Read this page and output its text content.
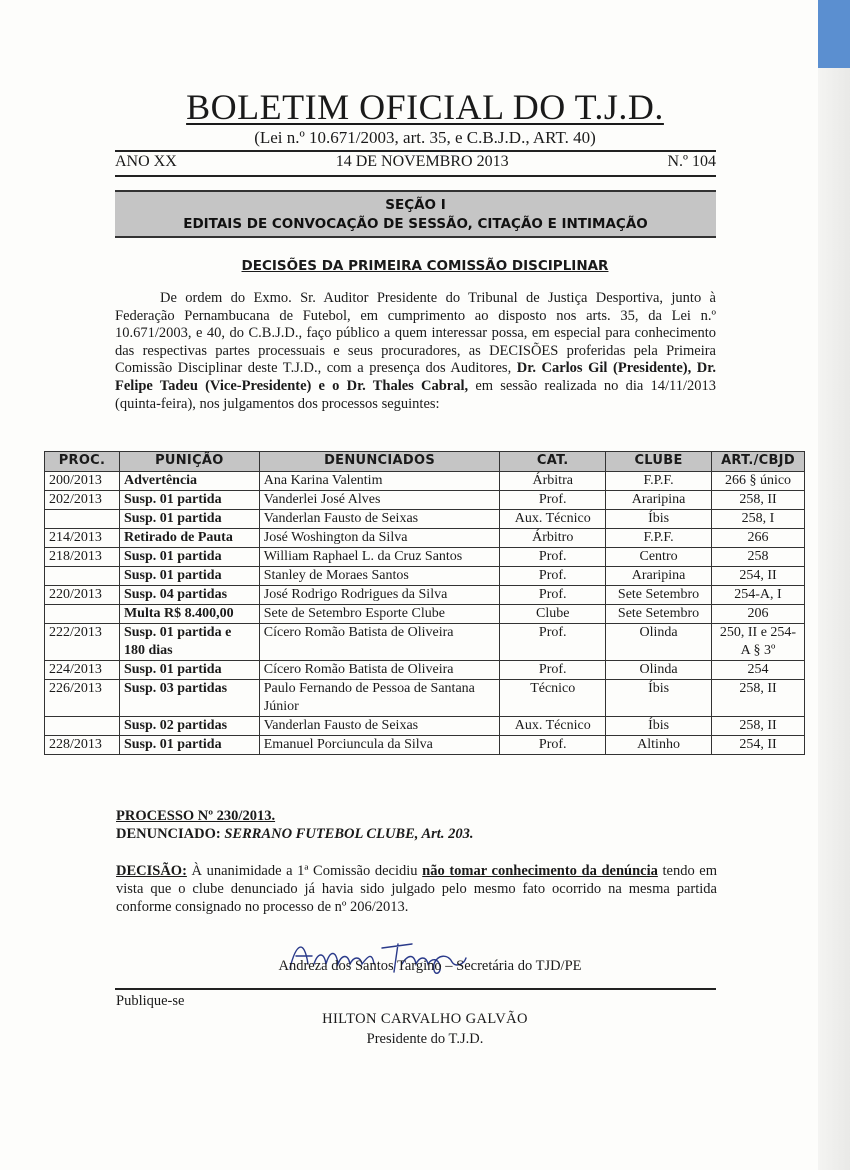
BOLETIM OFICIAL DO T.J.D.
(Lei n.º 10.671/2003, art. 35, e C.B.J.D., ART. 40)
ANO XX	14 DE NOVEMBRO 2013	N.º 104
SEÇÃO I
EDITAIS DE CONVOCAÇÃO DE SESSÃO, CITAÇÃO E INTIMAÇÃO
DECISÕES DA PRIMEIRA COMISSÃO DISCIPLINAR

De ordem do Exmo. Sr. Auditor Presidente do Tribunal de Justiça Desportiva, junto à Federação Pernambucana de Futebol, em cumprimento ao disposto nos arts. 35, da Lei n.º 10.671/2003, e 40, do C.B.J.D., faço público a quem interessar possa, em especial para conhecimento das respectivas partes processuais e seus procuradores, as DECISÕES proferidas pela Primeira Comissão Disciplinar deste T.J.D., com a presença dos Auditores, Dr. Carlos Gil (Presidente), Dr. Felipe Tadeu (Vice-Presidente) e o Dr. Thales Cabral, em sessão realizada no dia 14/11/2013 (quinta-feira), nos julgamentos dos processos seguintes:

PROC.	PUNIÇÃO	DENUNCIADOS	CAT.	CLUBE	ART./CBJD
200/2013	Advertência	Ana Karina Valentim	Árbitra	F.P.F.	266 § único
202/2013	Susp. 01 partida	Vanderlei José Alves	Prof.	Araripina	258, II
	Susp. 01 partida	Vanderlan Fausto de Seixas	Aux. Técnico	Íbis	258, I
214/2013	Retirado de Pauta	José Woshington da Silva	Árbitro	F.P.F.	266
218/2013	Susp. 01 partida	William Raphael L. da Cruz Santos	Prof.	Centro	258
	Susp. 01 partida	Stanley de Moraes Santos	Prof.	Araripina	254, II
220/2013	Susp. 04 partidas	José Rodrigo Rodrigues da Silva	Prof.	Sete Setembro	254-A, I
	Multa R$ 8.400,00	Sete de Setembro Esporte Clube	Clube	Sete Setembro	206
222/2013	Susp. 01 partida e 180 dias	Cícero Romão Batista de Oliveira	Prof.	Olinda	250, II e 254-A § 3º
224/2013	Susp. 01 partida	Cícero Romão Batista de Oliveira	Prof.	Olinda	254
226/2013	Susp. 03 partidas	Paulo Fernando de Pessoa de Santana Júnior	Técnico	Íbis	258, II
	Susp. 02 partidas	Vanderlan Fausto de Seixas	Aux. Técnico	Íbis	258, II
228/2013	Susp. 01 partida	Emanuel Porciuncula da Silva	Prof.	Altinho	254, II
PROCESSO Nº 230/2013.
DENUNCIADO: SERRANO FUTEBOL CLUBE, Art. 203.

DECISÃO: À unanimidade a 1ª Comissão decidiu não tomar conhecimento da denúncia tendo em vista que o clube denunciado já havia sido julgado pelo mesmo fato ocorrido na mesma partida conforme consignado no processo de nº 206/2013.

Andreza dos Santos Targino – Secretária do TJD/PE
Publique-se
HILTON CARVALHO GALVÃO
Presidente do T.J.D.
